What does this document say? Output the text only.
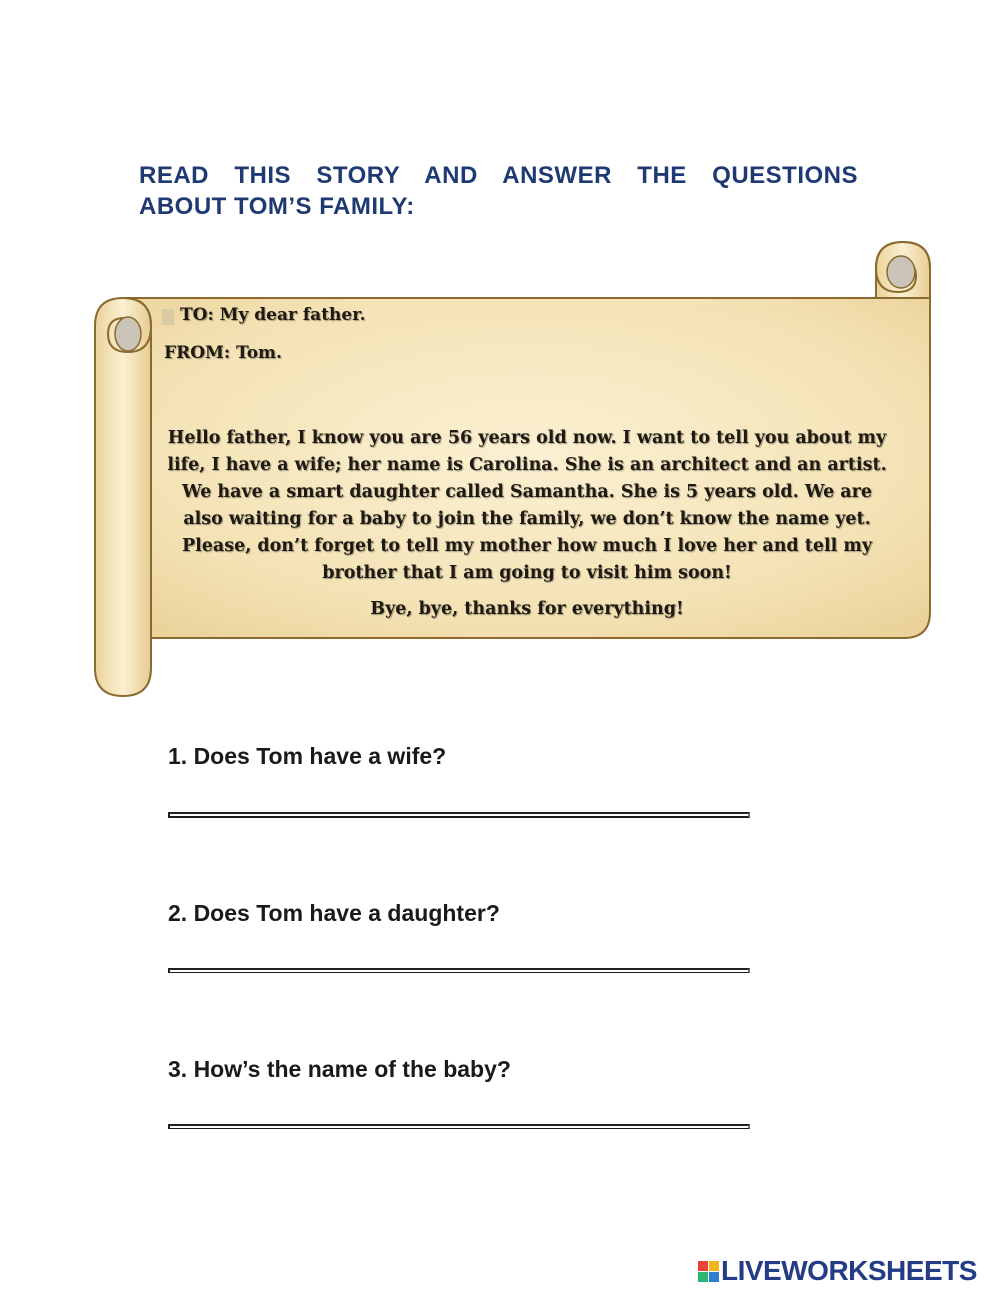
READ THIS STORY AND ANSWER THE QUESTIONS
ABOUT TOM’S FAMILY:
TO: My dear father.
FROM: Tom.
Hello father, I know you are 56 years old now. I want to tell you about my life, I have a wife; her name is Carolina. She is an architect and an artist. We have a smart daughter called Samantha. She is 5 years old. We are also waiting for a baby to join the family, we don’t know the name yet. Please, don’t forget to tell my mother how much I love her and tell my brother that I am going to visit him soon!
Bye, bye, thanks for everything!
1. Does Tom have a wife?
2. Does Tom have a daughter?
3. How’s the name of the baby?
LIVEWORKSHEETS
